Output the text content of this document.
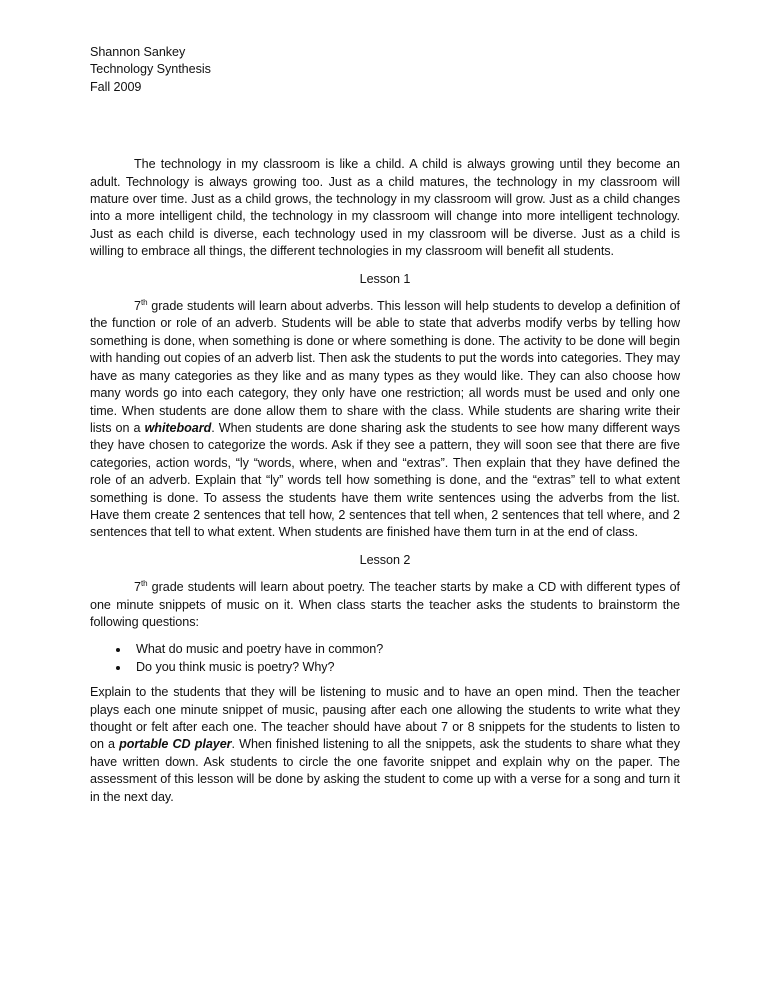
Shannon Sankey

Technology Synthesis

Fall 2009

The technology in my classroom is like a child. A child is always growing until they become an adult. Technology is always growing too. Just as a child matures, the technology in my classroom will mature over time. Just as a child grows, the technology in my classroom will grow. Just as a child changes into a more intelligent child, the technology in my classroom will change into more intelligent technology. Just as each child is diverse, each technology used in my classroom will be diverse. Just as a child is willing to embrace all things, the different technologies in my classroom will benefit all students.

Lesson 1

7th grade students will learn about adverbs. This lesson will help students to develop a definition of the function or role of an adverb. Students will be able to state that adverbs modify verbs by telling how something is done, when something is done or where something is done. The activity to be done will begin with handing out copies of an adverb list. Then ask the students to put the words into categories. They may have as many categories as they like and as many types as they would like. They can also choose how many words go into each category, they only have one restriction; all words must be used and only one time. When students are done allow them to share with the class. While students are sharing write their lists on a whiteboard. When students are done sharing ask the students to see how many different ways they have chosen to categorize the words. Ask if they see a pattern, they will soon see that there are five categories, action words, “ly “words, where, when and “extras”. Then explain that they have defined the role of an adverb. Explain that “ly” words tell how something is done, and the “extras” tell to what extent something is done. To assess the students have them write sentences using the adverbs from the list. Have them create 2 sentences that tell how, 2 sentences that tell when, 2 sentences that tell where, and 2 sentences that tell to what extent. When students are finished have them turn in at the end of class.

Lesson 2

7th grade students will learn about poetry. The teacher starts by make a CD with different types of one minute snippets of music on it. When class starts the teacher asks the students to brainstorm the following questions:

What do music and poetry have in common?
Do you think music is poetry? Why?

Explain to the students that they will be listening to music and to have an open mind. Then the teacher plays each one minute snippet of music, pausing after each one allowing the students to write what they thought or felt after each one. The teacher should have about 7 or 8 snippets for the students to listen to on a portable CD player. When finished listening to all the snippets, ask the students to share what they have written down. Ask students to circle the one favorite snippet and explain why on the paper. The assessment of this lesson will be done by asking the student to come up with a verse for a song and turn it in the next day.
